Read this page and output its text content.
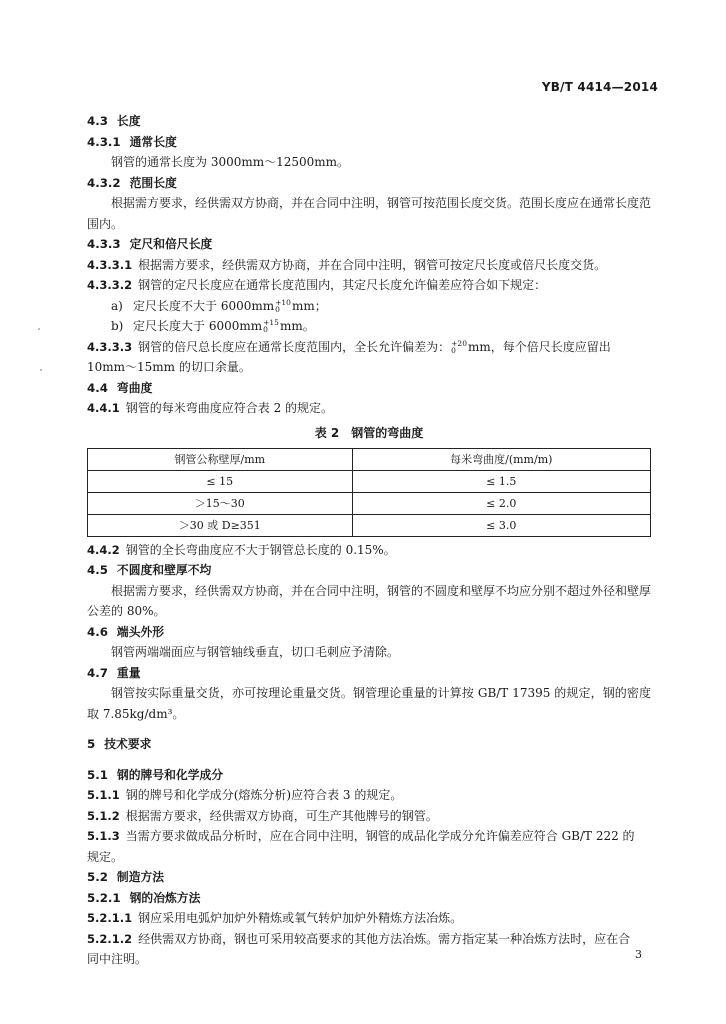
YB/T 4414—2014
4.3 长度
4.3.1 通常长度
钢管的通常长度为 3000mm～12500mm。
4.3.2 范围长度
根据需方要求，经供需双方协商，并在合同中注明，钢管可按范围长度交货。范围长度应在通常长度范围内。
4.3.3 定尺和倍尺长度
4.3.3.1 根据需方要求，经供需双方协商，并在合同中注明，钢管可按定尺长度或倍尺长度交货。
4.3.3.2 钢管的定尺长度应在通常长度范围内，其定尺长度允许偏差应符合如下规定：
a) 定尺长度不大于 6000mm +10
0	mm；
b) 定尺长度大于 6000mm +15
0	mm。
4.3.3.3 钢管的倍尺总长度应在通常长度范围内，全长允许偏差为： +20
0	mm，每个倍尺长度应留出
10mm～15mm 的切口余量。
4.4 弯曲度
4.4.1 钢管的每米弯曲度应符合表 2 的规定。
表 2　钢管的弯曲度
钢管公称壁厚/mm	每米弯曲度/(mm/m)
≤ 15	≤ 1.5
＞15～30	≤ 2.0
＞30 或 D≥351	≤ 3.0
4.4.2 钢管的全长弯曲度应不大于钢管总长度的 0.15%。
4.5 不圆度和壁厚不均
根据需方要求，经供需双方协商，并在合同中注明，钢管的不圆度和壁厚不均应分别不超过外径和壁厚公差的 80%。
4.6 端头外形
钢管两端端面应与钢管轴线垂直，切口毛刺应予清除。
4.7 重量
钢管按实际重量交货，亦可按理论重量交货。钢管理论重量的计算按 GB/T 17395 的规定，钢的密度取 7.85kg/dm³。
5 技术要求
5.1 钢的牌号和化学成分
5.1.1 钢的牌号和化学成分(熔炼分析)应符合表 3 的规定。
5.1.2 根据需方要求，经供需双方协商，可生产其他牌号的钢管。
5.1.3 当需方要求做成品分析时，应在合同中注明，钢管的成品化学成分允许偏差应符合 GB/T 222 的
规定。
5.2 制造方法
5.2.1 钢的冶炼方法
5.2.1.1 钢应采用电弧炉加炉外精炼或氧气转炉加炉外精炼方法冶炼。
5.2.1.2 经供需双方协商，钢也可采用较高要求的其他方法冶炼。需方指定某一种冶炼方法时，应在合
同中注明。	3
